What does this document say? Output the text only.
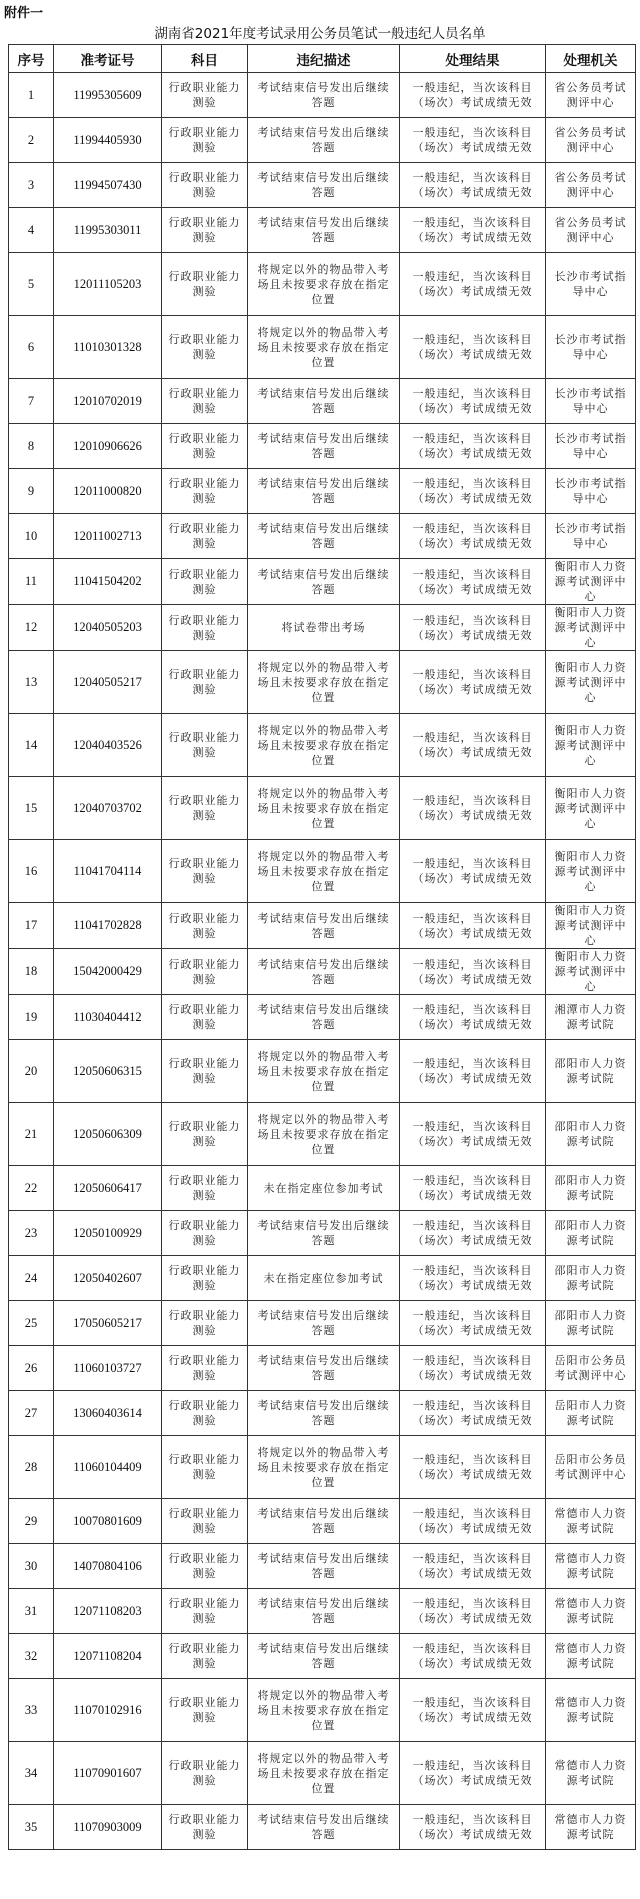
附件一
湖南省2021年度考试录用公务员笔试一般违纪人员名单
序号	准考证号	科目	违纪描述	处理结果	处理机关
1	11995305609	行政职业能力测验	考试结束信号发出后继续答题	一般违纪，当次该科目（场次）考试成绩无效	省公务员考试测评中心
2	11994405930	行政职业能力测验	考试结束信号发出后继续答题	一般违纪，当次该科目（场次）考试成绩无效	省公务员考试测评中心
3	11994507430	行政职业能力测验	考试结束信号发出后继续答题	一般违纪，当次该科目（场次）考试成绩无效	省公务员考试测评中心
4	11995303011	行政职业能力测验	考试结束信号发出后继续答题	一般违纪，当次该科目（场次）考试成绩无效	省公务员考试测评中心
5	12011105203	行政职业能力测验	将规定以外的物品带入考场且未按要求存放在指定位置	一般违纪，当次该科目（场次）考试成绩无效	长沙市考试指导中心
6	11010301328	行政职业能力测验	将规定以外的物品带入考场且未按要求存放在指定位置	一般违纪，当次该科目（场次）考试成绩无效	长沙市考试指导中心
7	12010702019	行政职业能力测验	考试结束信号发出后继续答题	一般违纪，当次该科目（场次）考试成绩无效	长沙市考试指导中心
8	12010906626	行政职业能力测验	考试结束信号发出后继续答题	一般违纪，当次该科目（场次）考试成绩无效	长沙市考试指导中心
9	12011000820	行政职业能力测验	考试结束信号发出后继续答题	一般违纪，当次该科目（场次）考试成绩无效	长沙市考试指导中心
10	12011002713	行政职业能力测验	考试结束信号发出后继续答题	一般违纪，当次该科目（场次）考试成绩无效	长沙市考试指导中心
11	11041504202	行政职业能力测验	考试结束信号发出后继续答题	一般违纪，当次该科目（场次）考试成绩无效	衡阳市人力资源考试测评中心
12	12040505203	行政职业能力测验	将试卷带出考场	一般违纪，当次该科目（场次）考试成绩无效	衡阳市人力资源考试测评中心
13	12040505217	行政职业能力测验	将规定以外的物品带入考场且未按要求存放在指定位置	一般违纪，当次该科目（场次）考试成绩无效	衡阳市人力资源考试测评中心
14	12040403526	行政职业能力测验	将规定以外的物品带入考场且未按要求存放在指定位置	一般违纪，当次该科目（场次）考试成绩无效	衡阳市人力资源考试测评中心
15	12040703702	行政职业能力测验	将规定以外的物品带入考场且未按要求存放在指定位置	一般违纪，当次该科目（场次）考试成绩无效	衡阳市人力资源考试测评中心
16	11041704114	行政职业能力测验	将规定以外的物品带入考场且未按要求存放在指定位置	一般违纪，当次该科目（场次）考试成绩无效	衡阳市人力资源考试测评中心
17	11041702828	行政职业能力测验	考试结束信号发出后继续答题	一般违纪，当次该科目（场次）考试成绩无效	衡阳市人力资源考试测评中心
18	15042000429	行政职业能力测验	考试结束信号发出后继续答题	一般违纪，当次该科目（场次）考试成绩无效	衡阳市人力资源考试测评中心
19	11030404412	行政职业能力测验	考试结束信号发出后继续答题	一般违纪，当次该科目（场次）考试成绩无效	湘潭市人力资源考试院
20	12050606315	行政职业能力测验	将规定以外的物品带入考场且未按要求存放在指定位置	一般违纪，当次该科目（场次）考试成绩无效	邵阳市人力资源考试院
21	12050606309	行政职业能力测验	将规定以外的物品带入考场且未按要求存放在指定位置	一般违纪，当次该科目（场次）考试成绩无效	邵阳市人力资源考试院
22	12050606417	行政职业能力测验	未在指定座位参加考试	一般违纪，当次该科目（场次）考试成绩无效	邵阳市人力资源考试院
23	12050100929	行政职业能力测验	考试结束信号发出后继续答题	一般违纪，当次该科目（场次）考试成绩无效	邵阳市人力资源考试院
24	12050402607	行政职业能力测验	未在指定座位参加考试	一般违纪，当次该科目（场次）考试成绩无效	邵阳市人力资源考试院
25	17050605217	行政职业能力测验	考试结束信号发出后继续答题	一般违纪，当次该科目（场次）考试成绩无效	邵阳市人力资源考试院
26	11060103727	行政职业能力测验	考试结束信号发出后继续答题	一般违纪，当次该科目（场次）考试成绩无效	岳阳市公务员考试测评中心
27	13060403614	行政职业能力测验	考试结束信号发出后继续答题	一般违纪，当次该科目（场次）考试成绩无效	岳阳市人力资源考试院
28	11060104409	行政职业能力测验	将规定以外的物品带入考场且未按要求存放在指定位置	一般违纪，当次该科目（场次）考试成绩无效	岳阳市公务员考试测评中心
29	10070801609	行政职业能力测验	考试结束信号发出后继续答题	一般违纪，当次该科目（场次）考试成绩无效	常德市人力资源考试院
30	14070804106	行政职业能力测验	考试结束信号发出后继续答题	一般违纪，当次该科目（场次）考试成绩无效	常德市人力资源考试院
31	12071108203	行政职业能力测验	考试结束信号发出后继续答题	一般违纪，当次该科目（场次）考试成绩无效	常德市人力资源考试院
32	12071108204	行政职业能力测验	考试结束信号发出后继续答题	一般违纪，当次该科目（场次）考试成绩无效	常德市人力资源考试院
33	11070102916	行政职业能力测验	将规定以外的物品带入考场且未按要求存放在指定位置	一般违纪，当次该科目（场次）考试成绩无效	常德市人力资源考试院
34	11070901607	行政职业能力测验	将规定以外的物品带入考场且未按要求存放在指定位置	一般违纪，当次该科目（场次）考试成绩无效	常德市人力资源考试院
35	11070903009	行政职业能力测验	考试结束信号发出后继续答题	一般违纪，当次该科目（场次）考试成绩无效	常德市人力资源考试院
